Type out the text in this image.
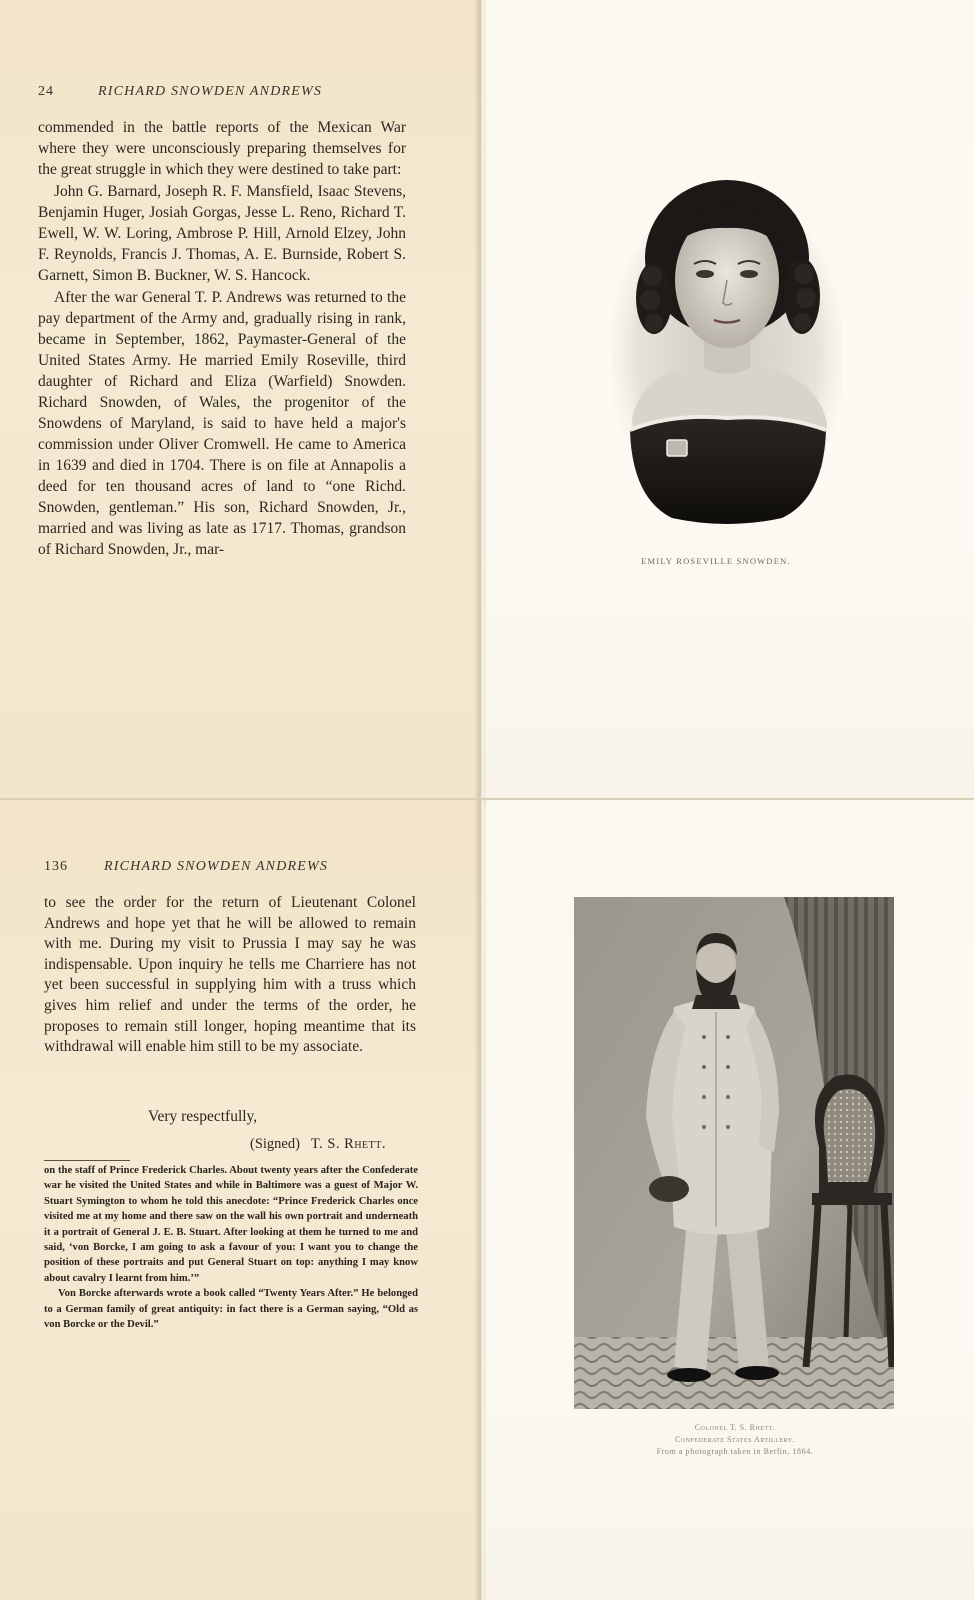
24	RICHARD SNOWDEN ANDREWS

commended in the battle reports of the Mexican War where they were unconsciously preparing themselves for the great struggle in which they were destined to take part:

John G. Barnard, Joseph R. F. Mansfield, Isaac Stevens, Benjamin Huger, Josiah Gorgas, Jesse L. Reno, Richard T. Ewell, W. W. Loring, Ambrose P. Hill, Arnold Elzey, John F. Reynolds, Francis J. Thomas, A. E. Burnside, Robert S. Garnett, Simon B. Buckner, W. S. Hancock.

After the war General T. P. Andrews was returned to the pay department of the Army and, gradually rising in rank, became in September, 1862, Paymaster-General of the United States Army. He married Emily Roseville, third daughter of Richard and Eliza (Warfield) Snowden. Richard Snowden, of Wales, the progenitor of the Snowdens of Maryland, is said to have held a major's commission under Oliver Cromwell. He came to America in 1639 and died in 1704. There is on file at Annapolis a deed for ten thousand acres of land to “one Richd. Snowden, gentleman.” His son, Richard Snowden, Jr., married and was living as late as 1717. Thomas, grandson of Richard Snowden, Jr., mar-

EMILY ROSEVILLE SNOWDEN.
136	RICHARD SNOWDEN ANDREWS

to see the order for the return of Lieutenant Colonel Andrews and hope yet that he will be allowed to remain with me. During my visit to Prussia I may say he was indispensable. Upon inquiry he tells me Charriere has not yet been successful in supplying him with a truss which gives him relief and under the terms of the order, he proposes to remain still longer, hoping meantime that its withdrawal will enable him still to be my associate.

Very respectfully,
(Signed) T. S. Rhett.

on the staff of Prince Frederick Charles. About twenty years after the Confederate war he visited the United States and while in Baltimore was a guest of Major W. Stuart Symington to whom he told this anecdote: “Prince Frederick Charles once visited me at my home and there saw on the wall his own portrait and underneath it a portrait of General J. E. B. Stuart. After looking at them he turned to me and said, ‘von Borcke, I am going to ask a favour of you: I want you to change the position of these portraits and put General Stuart on top: anything I may know about cavalry I learnt from him.’”

Von Borcke afterwards wrote a book called “Twenty Years After.” He belonged to a German family of great antiquity: in fact there is a German saying, “Old as von Borcke or the Devil.”

Colonel T. S. Rhett.
Confederate States Artillery.
From a photograph taken in Berlin, 1864.
